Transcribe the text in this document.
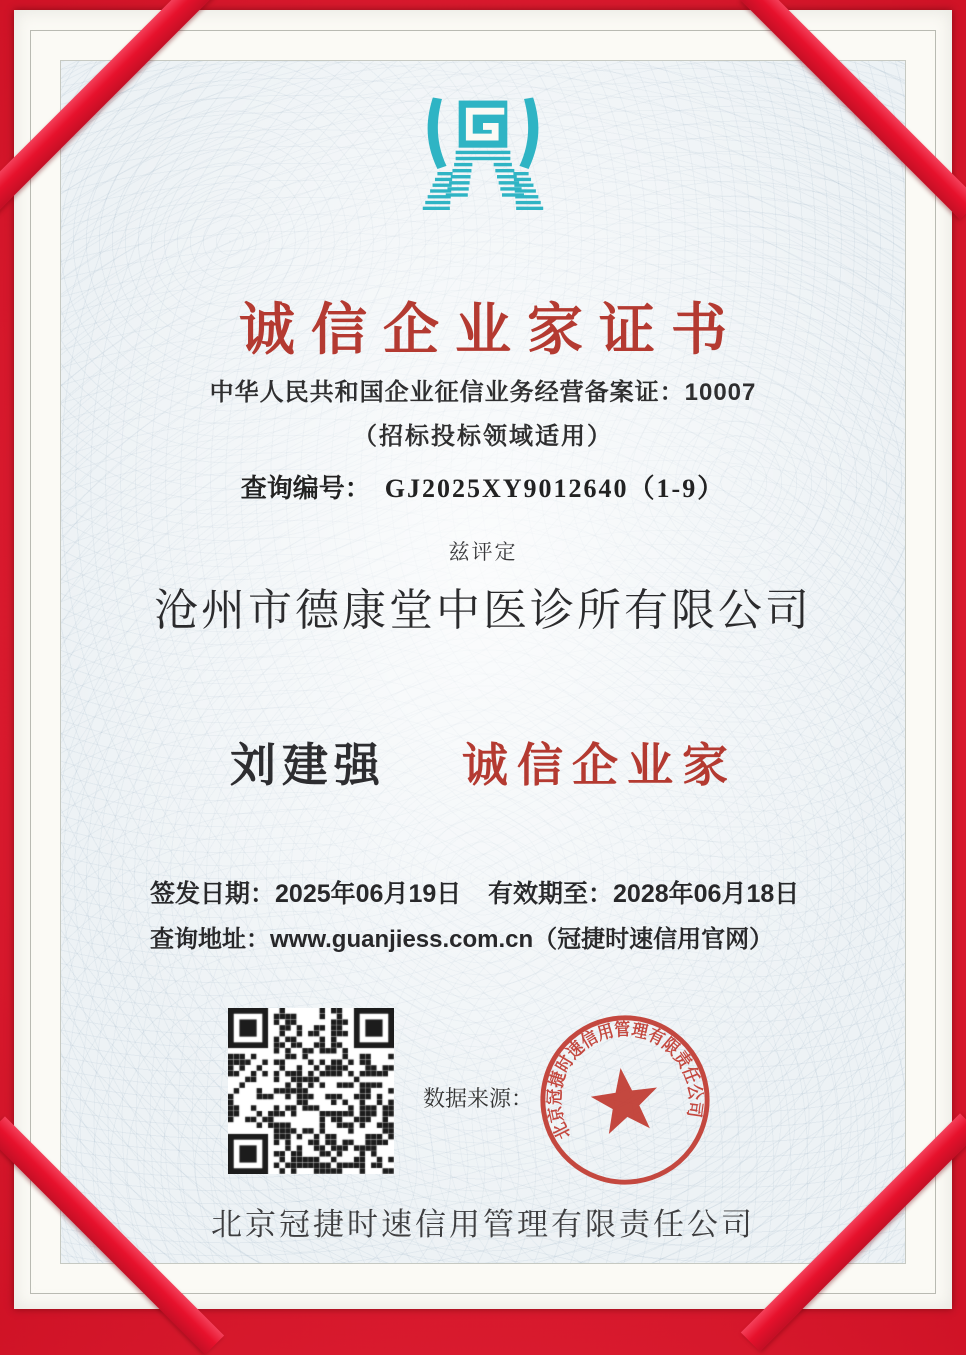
诚信企业家证书
中华人民共和国企业征信业务经营备案证：10007
（招标投标领域适用）
查询编号： GJ2025XY9012640（1-9）
兹评定
沧州市德康堂中医诊所有限公司
刘建强 诚信企业家
签发日期：2025年06月19日 有效期至：2028年06月18日
查询地址：www.guanjiess.com.cn（冠捷时速信用官网）
数据来源：
北京冠捷时速信用管理有限责任公司
北京冠捷时速信用管理有限责任公司
